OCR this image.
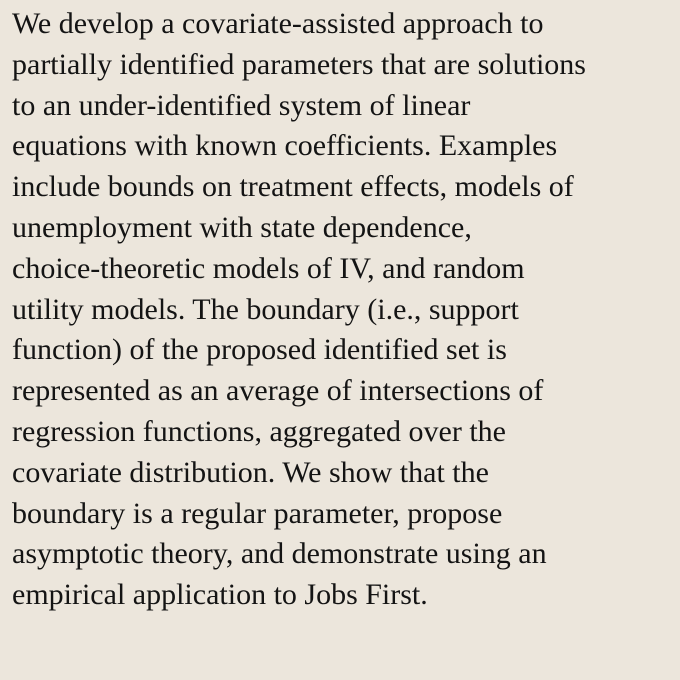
We develop a covariate-assisted approach to
partially identified parameters that are solutions
to an under-identified system of linear
equations with known coefficients. Examples
include bounds on treatment effects, models of
unemployment with state dependence,
choice-theoretic models of IV, and random
utility models. The boundary (i.e., support
function) of the proposed identified set is
represented as an average of intersections of
regression functions, aggregated over the
covariate distribution. We show that the
boundary is a regular parameter, propose
asymptotic theory, and demonstrate using an
empirical application to Jobs First.
